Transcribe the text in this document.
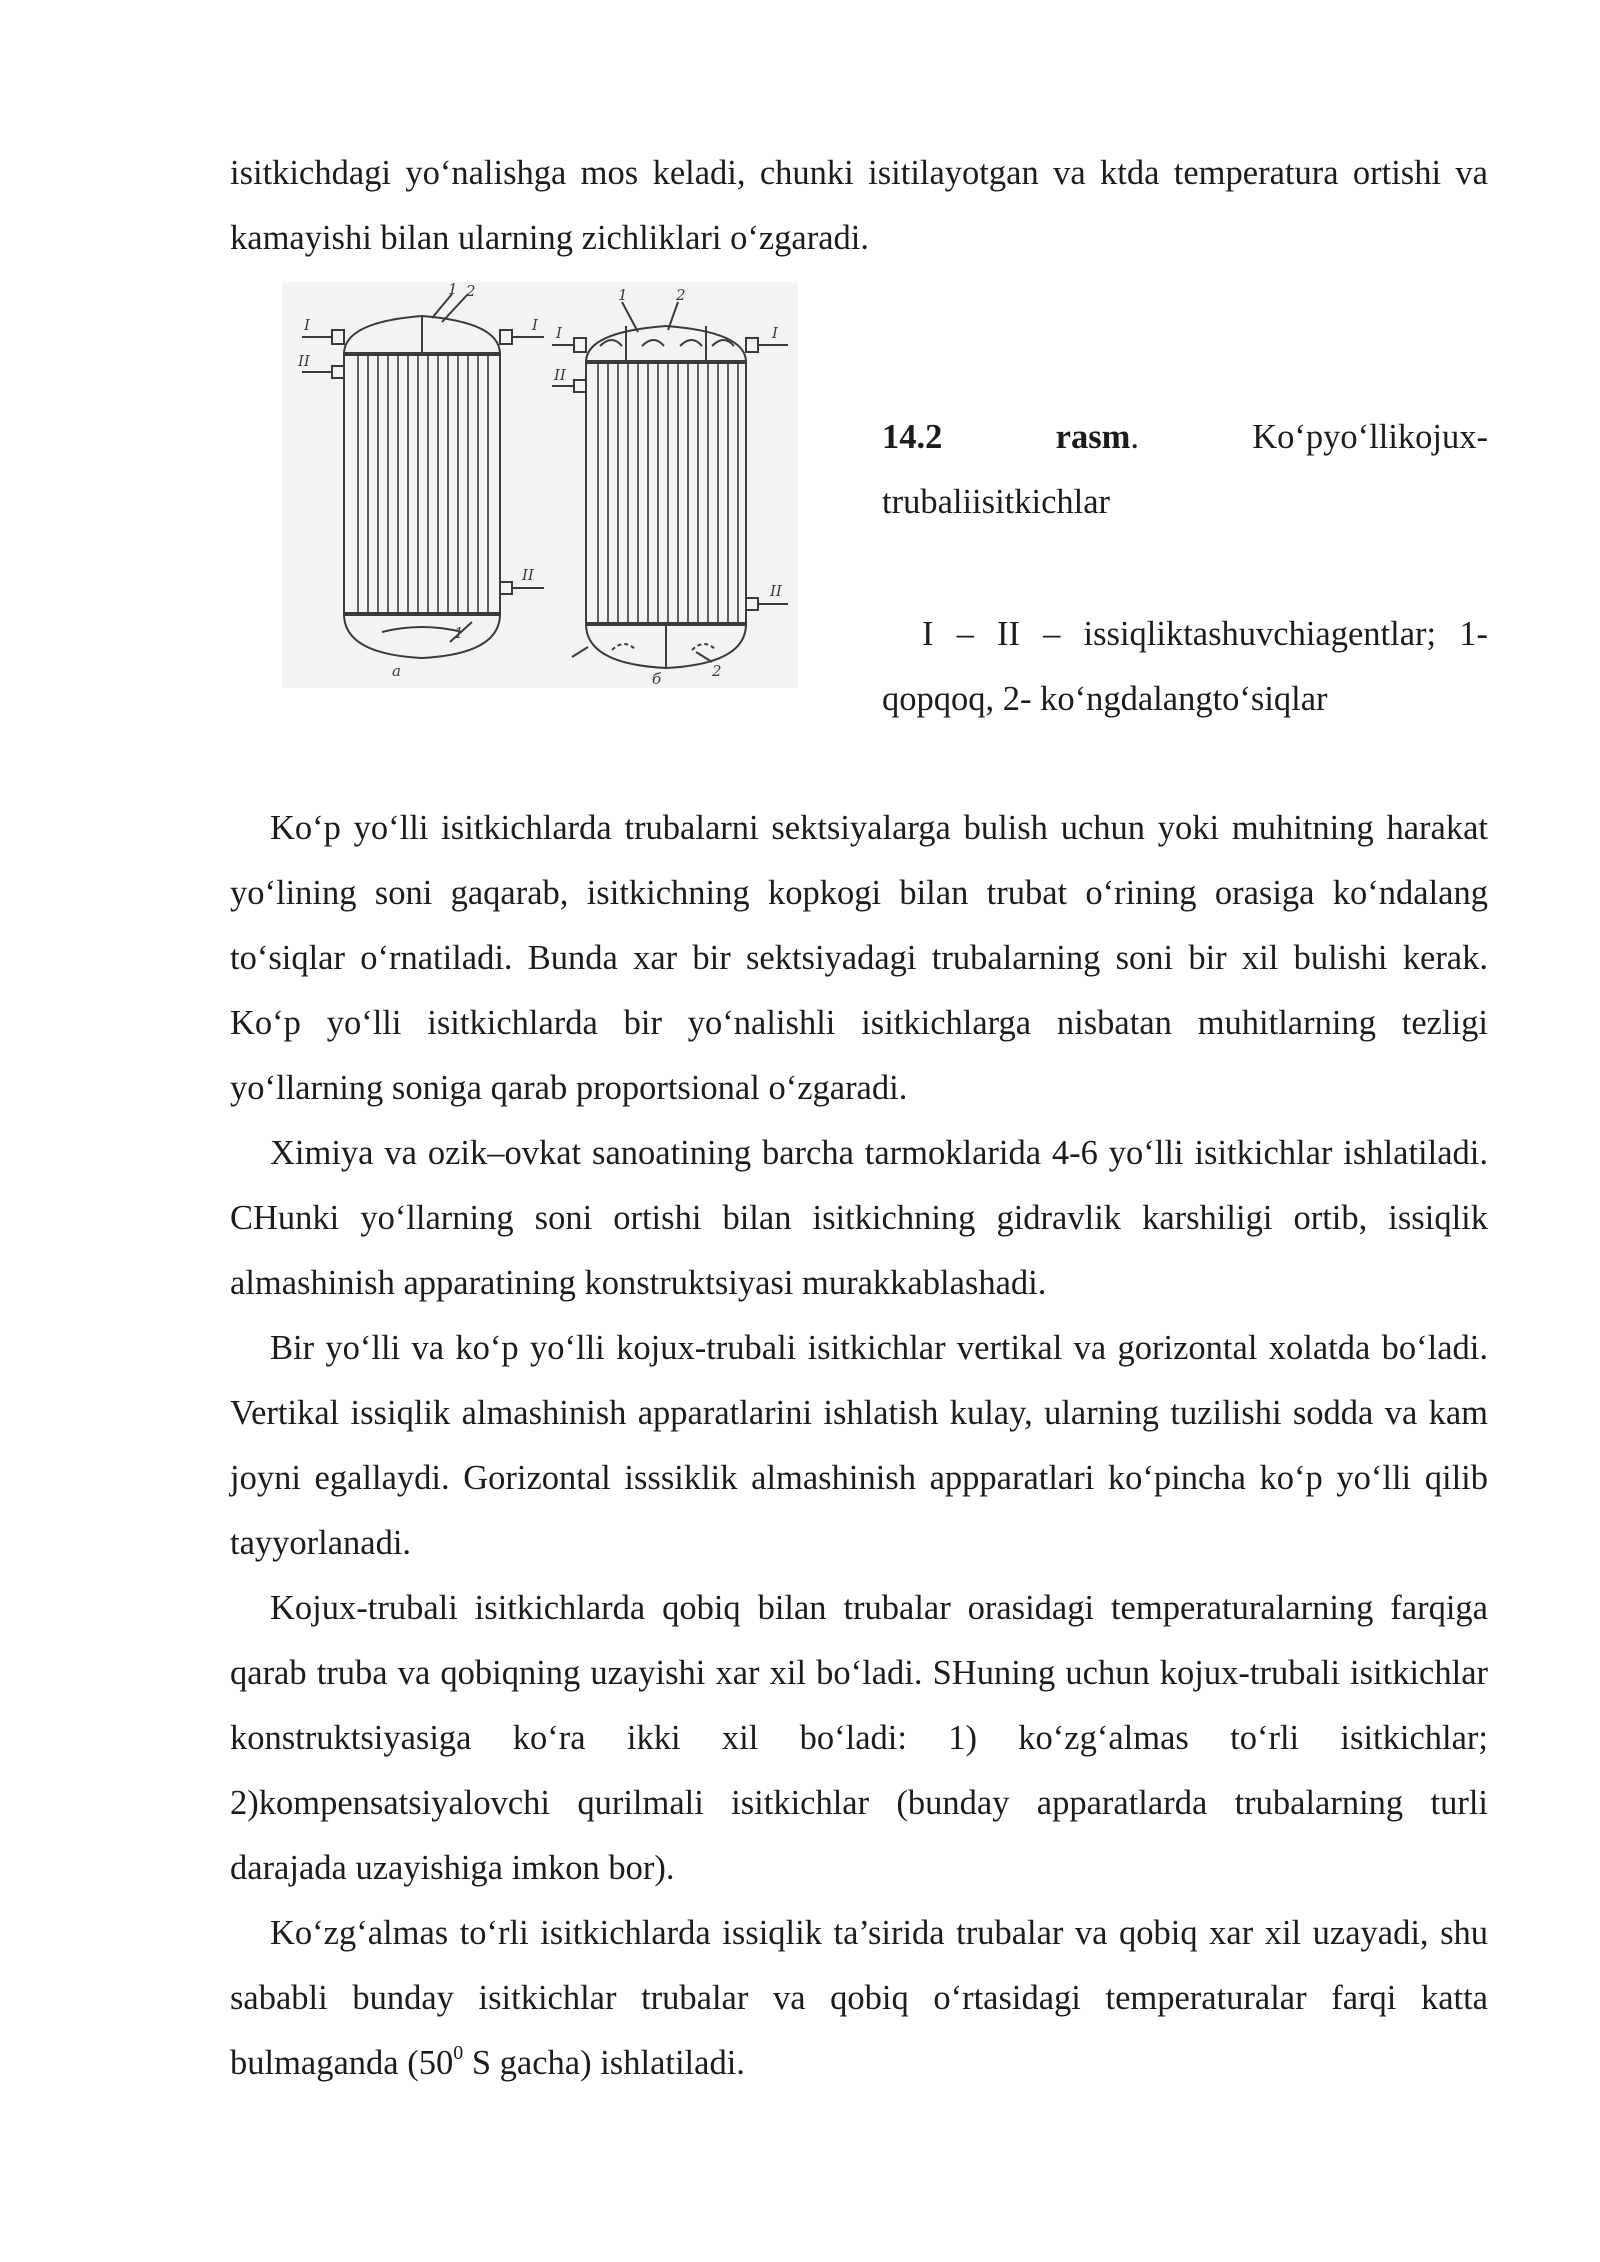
isitkichdagi yo‘nalishga mos keladi, chunki isitilayotgan va ktda temperatura ortishi va kamayishi bilan ularning zichliklari o‘zgaradi.

I	I
II
II
1 2
1
a
I	I
II
II
1	2
2
б
14.2	rasm.	Ko‘pyo‘llikojux-
trubaliisitkichlar
I – II – issiqliktashuvchiagentlar; 1-
qopqoq, 2- ko‘ngdalangto‘siqlar

Ko‘p yo‘lli isitkichlarda trubalarni sektsiyalarga bulish uchun yoki muhitning harakat yo‘lining soni gaqarab, isitkichning kopkogi bilan trubat o‘rining orasiga ko‘ndalang to‘siqlar o‘rnatiladi. Bunda xar bir sektsiyadagi trubalarning soni bir xil bulishi kerak. Ko‘p yo‘lli isitkichlarda bir yo‘nalishli isitkichlarga nisbatan muhitlarning tezligi yo‘llarning soniga qarab proportsional o‘zgaradi.

Ximiya va ozik–ovkat sanoatining barcha tarmoklarida 4-6 yo‘lli isitkichlar ishlatiladi. CHunki yo‘llarning soni ortishi bilan isitkichning gidravlik karshiligi ortib, issiqlik almashinish apparatining konstruktsiyasi murakkablashadi.

Bir yo‘lli va ko‘p yo‘lli kojux-trubali isitkichlar vertikal va gorizontal xolatda bo‘ladi. Vertikal issiqlik almashinish apparatlarini ishlatish kulay, ularning tuzilishi sodda va kam joyni egallaydi. Gorizontal isssiklik almashinish appparatlari ko‘pincha ko‘p yo‘lli qilib tayyorlanadi.

Kojux-trubali isitkichlarda qobiq bilan trubalar orasidagi temperaturalarning farqiga qarab truba va qobiqning uzayishi xar xil bo‘ladi. SHuning uchun kojux-trubali isitkichlar konstruktsiyasiga ko‘ra ikki xil bo‘ladi: 1) ko‘zg‘almas to‘rli isitkichlar; 2)kompensatsiyalovchi qurilmali isitkichlar (bunday apparatlarda trubalarning turli darajada uzayishiga imkon bor).

Ko‘zg‘almas to‘rli isitkichlarda issiqlik ta’sirida trubalar va qobiq xar xil uzayadi, shu sababli bunday isitkichlar trubalar va qobiq o‘rtasidagi temperaturalar farqi katta bulmaganda ($50^0$ S gacha) ishlatiladi.
